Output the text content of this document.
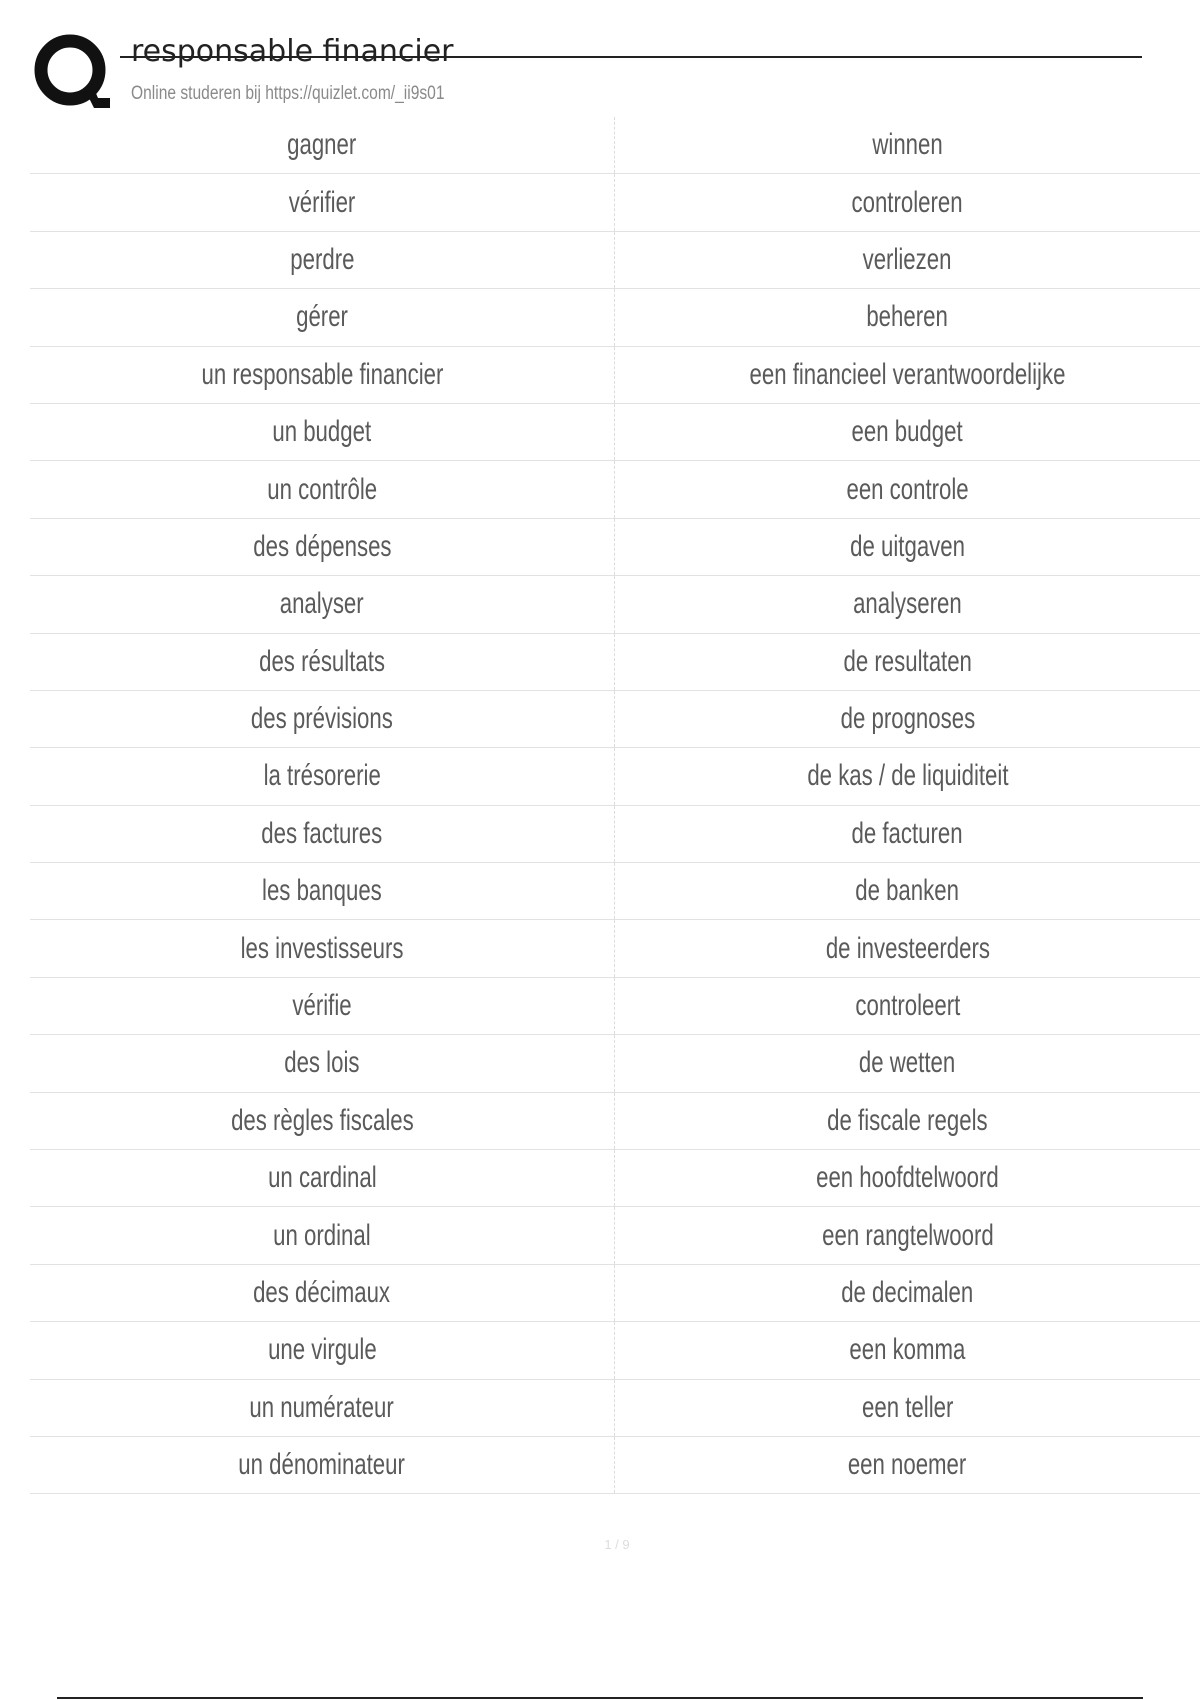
responsable financier
Online studeren bij https://quizlet.com/_ii9s01
gagner	winnen
vérifier	controleren
perdre	verliezen
gérer	beheren
un responsable financier	een financieel verantwoordelijke
un budget	een budget
un contrôle	een controle
des dépenses	de uitgaven
analyser	analyseren
des résultats	de resultaten
des prévisions	de prognoses
la trésorerie	de kas / de liquiditeit
des factures	de facturen
les banques	de banken
les investisseurs	de investeerders
vérifie	controleert
des lois	de wetten
des règles fiscales	de fiscale regels
un cardinal	een hoofdtelwoord
un ordinal	een rangtelwoord
des décimaux	de decimalen
une virgule	een komma
un numérateur	een teller
un dénominateur	een noemer
1 / 9
